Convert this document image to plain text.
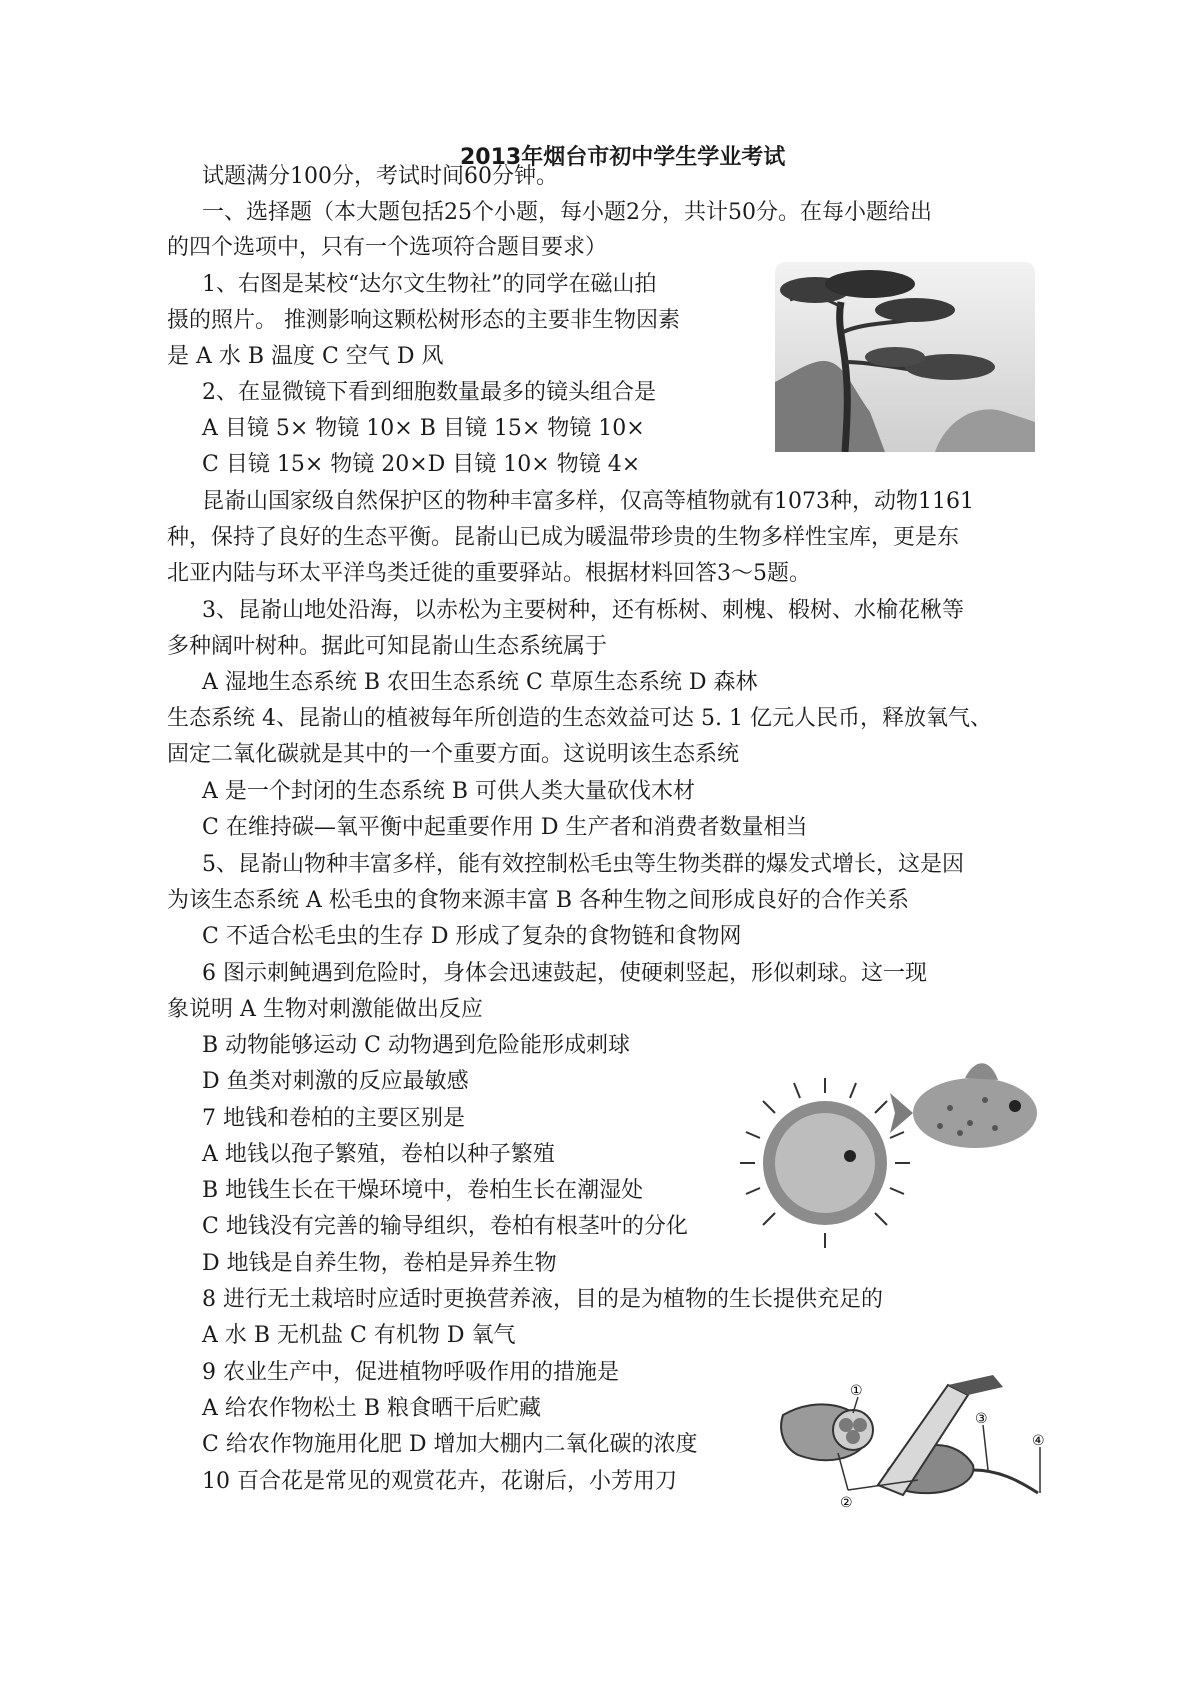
2013年烟台市初中学生学业考试

试题满分100分，考试时间60分钟。

一、选择题（本大题包括25个小题，每小题2分，共计50分。在每小题给出

的四个选项中，只有一个选项符合题目要求）

1、右图是某校“达尔文生物社”的同学在磁山拍

摄的照片。 推测影响这颗松树形态的主要非生物因素

是 A 水 B 温度 C 空气 D 风

2、在显微镜下看到细胞数量最多的镜头组合是

A 目镜 5× 物镜 10× B 目镜 15× 物镜 10×

C 目镜 15× 物镜 20×D 目镜 10× 物镜 4×

昆嵛山国家级自然保护区的物种丰富多样，仅高等植物就有1073种，动物1161

种，保持了良好的生态平衡。昆嵛山已成为暖温带珍贵的生物多样性宝库，更是东

北亚内陆与环太平洋鸟类迁徙的重要驿站。根据材料回答3～5题。

3、昆嵛山地处沿海，以赤松为主要树种，还有栎树、刺槐、椴树、水榆花楸等

多种阔叶树种。据此可知昆嵛山生态系统属于

A 湿地生态系统 B 农田生态系统 C 草原生态系统 D 森林

生态系统 4、昆嵛山的植被每年所创造的生态效益可达 5. 1 亿元人民币，释放氧气、

固定二氧化碳就是其中的一个重要方面。这说明该生态系统

A 是一个封闭的生态系统 B 可供人类大量砍伐木材

C 在维持碳—氧平衡中起重要作用 D 生产者和消费者数量相当

5、昆嵛山物种丰富多样，能有效控制松毛虫等生物类群的爆发式增长，这是因

为该生态系统 A 松毛虫的食物来源丰富 B 各种生物之间形成良好的合作关系

C 不适合松毛虫的生存 D 形成了复杂的食物链和食物网

6 图示刺鲀遇到危险时，身体会迅速鼓起，使硬刺竖起，形似刺球。这一现

象说明 A 生物对刺激能做出反应

B 动物能够运动 C 动物遇到危险能形成刺球

D 鱼类对刺激的反应最敏感

7 地钱和卷柏的主要区别是

A 地钱以孢子繁殖，卷柏以种子繁殖

B 地钱生长在干燥环境中，卷柏生长在潮湿处

C 地钱没有完善的输导组织，卷柏有根茎叶的分化

D 地钱是自养生物，卷柏是异养生物

8 进行无土栽培时应适时更换营养液，目的是为植物的生长提供充足的

A 水 B 无机盐 C 有机物 D 氧气

9 农业生产中，促进植物呼吸作用的措施是

A 给农作物松土 B 粮食晒干后贮藏

C 给农作物施用化肥 D 增加大棚内二氧化碳的浓度

10 百合花是常见的观赏花卉，花谢后，小芳用刀

①
②
③
④
